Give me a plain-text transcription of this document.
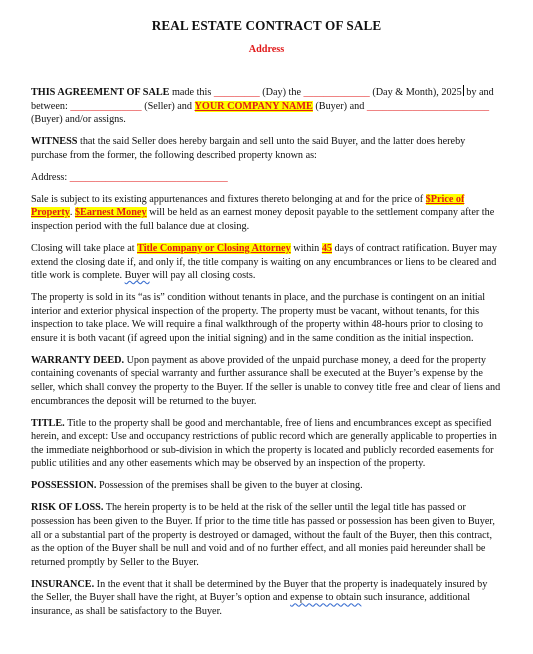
REAL ESTATE CONTRACT OF SALE
Address

THIS AGREEMENT OF SALE made this _________ (Day) the _____________ (Day & Month), 2025 by and between: ______________ (Seller) and YOUR COMPANY NAME (Buyer) and ________________________ (Buyer) and/or assigns.

WITNESS that the said Seller does hereby bargain and sell unto the said Buyer, and the latter does hereby purchase from the former, the following described property known as:

Address: _______________________________

Sale is subject to its existing appurtenances and fixtures thereto belonging at and for the price of $Price of Property. $Earnest Money will be held as an earnest money deposit payable to the settlement company after the inspection period with the full balance due at closing.

Closing will take place at Title Company or Closing Attorney within 45 days of contract ratification. Buyer may extend the closing date if, and only if, the title company is waiting on any encumbrances or liens to be cleared and title work is complete. Buyer will pay all closing costs.

The property is sold in its “as is” condition without tenants in place, and the purchase is contingent on an initial interior and exterior physical inspection of the property. The property must be vacant, without tenants, for this inspection to take place. We will require a final walkthrough of the property within 48-hours prior to closing to ensure it is both vacant (if agreed upon the initial signing) and in the same condition as the initial inspection.

WARRANTY DEED. Upon payment as above provided of the unpaid purchase money, a deed for the property containing covenants of special warranty and further assurance shall be executed at the Buyer’s expense by the seller, which shall convey the property to the Buyer. If the seller is unable to convey title free and clear of liens and encumbrances the deposit will be returned to the buyer.

TITLE. Title to the property shall be good and merchantable, free of liens and encumbrances except as specified herein, and except: Use and occupancy restrictions of public record which are generally applicable to properties in the immediate neighborhood or sub-division in which the property is located and publicly recorded easements for public utilities and any other easements which may be observed by an inspection of the property.

POSSESSION. Possession of the premises shall be given to the buyer at closing.

RISK OF LOSS. The herein property is to be held at the risk of the seller until the legal title has passed or possession has been given to the Buyer. If prior to the time title has passed or possession has been given to Buyer, all or a substantial part of the property is destroyed or damaged, without the fault of the Buyer, then this contract, as the option of the Buyer shall be null and void and of no further effect, and all monies paid hereunder shall be returned promptly by Seller to the Buyer.

INSURANCE. In the event that it shall be determined by the Buyer that the property is inadequately insured by the Seller, the Buyer shall have the right, at Buyer’s option and expense to obtain such insurance, additional insurance, as shall be satisfactory to the Buyer.
